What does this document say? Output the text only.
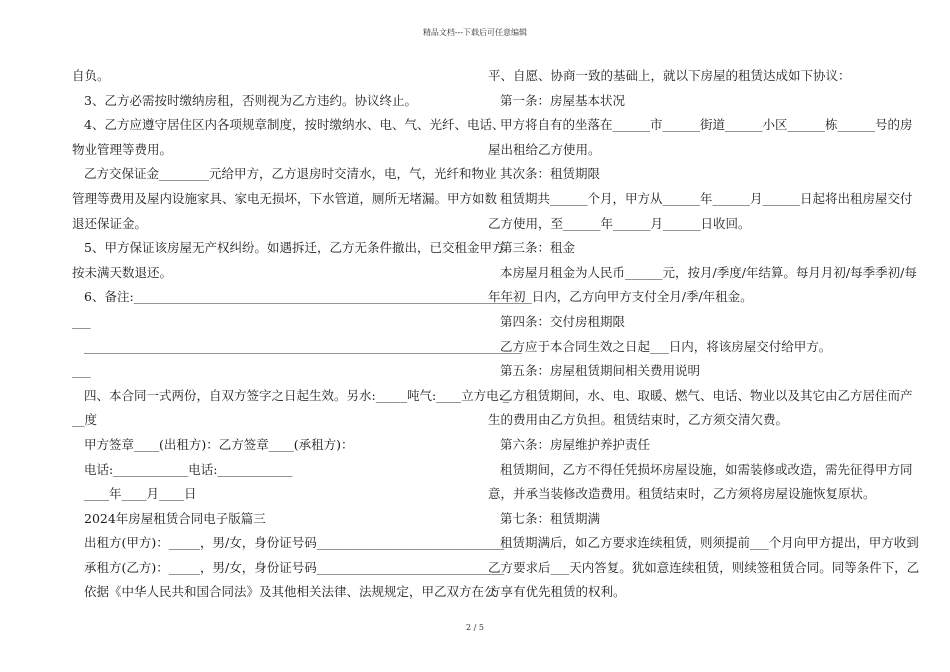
精品文档---下载后可任意编辑
自负。
3、乙方必需按时缴纳房租，否则视为乙方违约。协议终止。
4、乙方应遵守居住区内各项规章制度，按时缴纳水、电、气、光纤、电话、
物业管理等费用。
乙方交保证金________元给甲方，乙方退房时交清水，电，气，光纤和物业
管理等费用及屋内设施家具、家电无损坏，下水管道，厕所无堵漏。甲方如数
退还保证金。
5、甲方保证该房屋无产权纠纷。如遇拆迁，乙方无条件撤出，已交租金甲方
按未满天数退还。
6、备注:_______________________________________________________________
___
______________________________________________________________________
___
四、本合同一式两份，自双方签字之日起生效。另水:_____吨气:____立方电:_
__度
甲方签章____(出租方)：乙方签章____(承租方)：
电话:____________电话:____________
____年____月____日
2024年房屋租赁合同电子版篇三
出租方(甲方)：_____，男/女，身份证号码______________________________
承租方(乙方)：_____，男/女，身份证号码______________________________
依据《中华人民共和国合同法》及其他相关法律、法规规定，甲乙双方在公
平、自愿、协商一致的基础上，就以下房屋的租赁达成如下协议：
第一条：房屋基本状况
甲方将自有的坐落在______市______街道______小区______栋______号的房
屋出租给乙方使用。
其次条：租赁期限
租赁期共______个月，甲方从______年______月______日起将出租房屋交付
乙方使用，至______年______月______日收回。
第三条：租金
本房屋月租金为人民币______元，按月/季度/年结算。每月月初/每季季初/每
年年初_日内，乙方向甲方支付全月/季/年租金。
第四条：交付房租期限
乙方应于本合同生效之日起___日内，将该房屋交付给甲方。
第五条：房屋租赁期间相关费用说明
乙方租赁期间，水、电、取暖、燃气、电话、物业以及其它由乙方居住而产
生的费用由乙方负担。租赁结束时，乙方须交清欠费。
第六条：房屋维护养护责任
租赁期间，乙方不得任凭损坏房屋设施，如需装修或改造，需先征得甲方同
意，并承当装修改造费用。租赁结束时，乙方须将房屋设施恢复原状。
第七条：租赁期满
租赁期满后，如乙方要求连续租赁，则须提前___个月向甲方提出，甲方收到
乙方要求后___天内答复。犹如意连续租赁，则续签租赁合同。同等条件下，乙
方享有优先租赁的权利。
2 / 5
